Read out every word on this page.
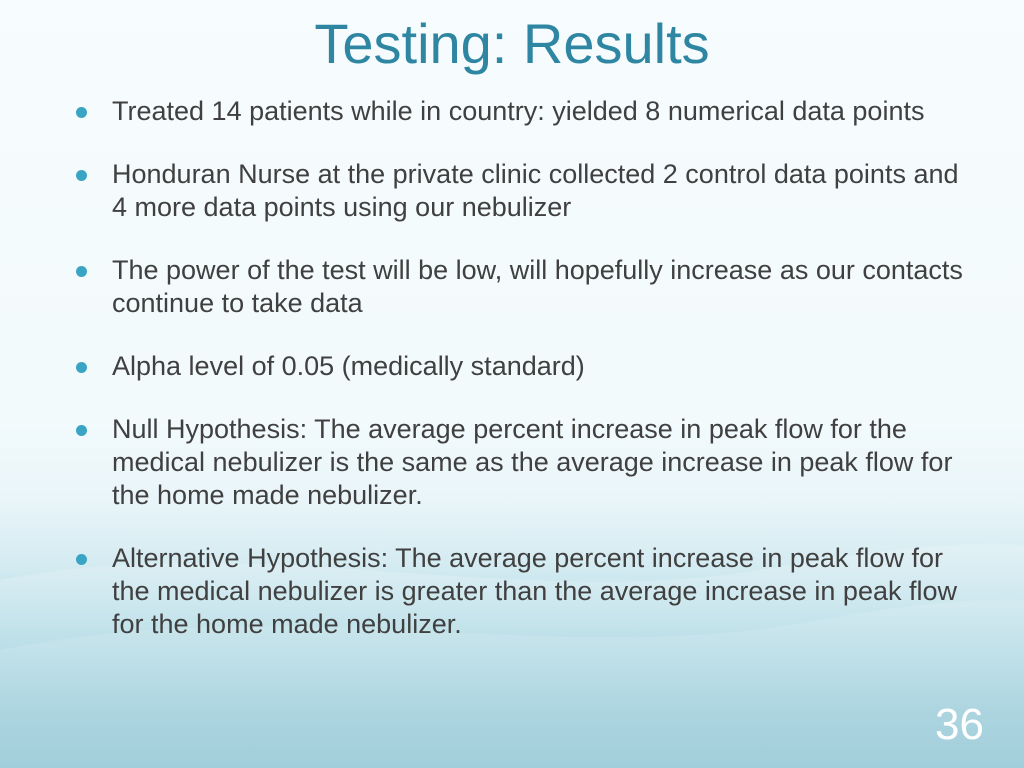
Testing: Results
Treated 14 patients while in country: yielded 8 numerical data points
Honduran Nurse at the private clinic collected 2 control data points and 4 more data points using our nebulizer
The power of the test will be low, will hopefully increase as our contacts continue to take data
Alpha level of 0.05 (medically standard)
Null Hypothesis: The average percent increase in peak flow for the medical nebulizer is the same as the average increase in peak flow for the home made nebulizer.
Alternative Hypothesis: The average percent increase in peak flow for the medical nebulizer is greater than the average increase in peak flow for the home made nebulizer.
36
